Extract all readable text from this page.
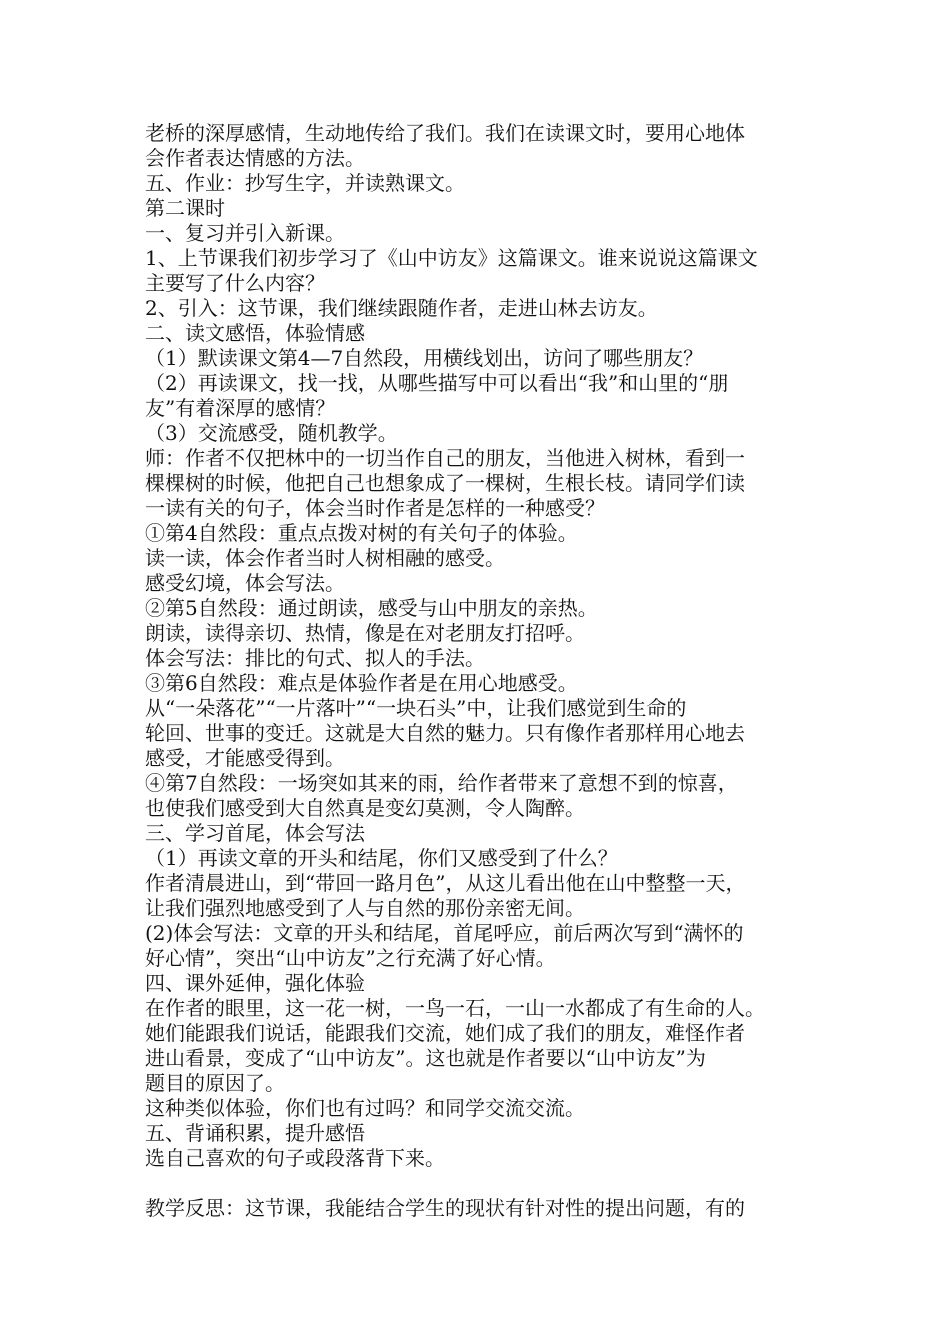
老桥的深厚感情，生动地传给了我们。我们在读课文时，要用心地体
会作者表达情感的方法。
五、作业：抄写生字，并读熟课文。
第二课时
一、复习并引入新课。
1、上节课我们初步学习了《山中访友》这篇课文。谁来说说这篇课文
主要写了什么内容？
2、引入：这节课，我们继续跟随作者，走进山林去访友。
二、读文感悟，体验情感
（1）默读课文第4—7自然段，用横线划出，访问了哪些朋友？
（2）再读课文，找一找，从哪些描写中可以看出“我”和山里的“朋
友”有着深厚的感情？
（3）交流感受，随机教学。
师：作者不仅把林中的一切当作自己的朋友，当他进入树林，看到一
棵棵树的时候，他把自己也想象成了一棵树，生根长枝。请同学们读
一读有关的句子，体会当时作者是怎样的一种感受？
①第4自然段：重点点拨对树的有关句子的体验。
读一读，体会作者当时人树相融的感受。
感受幻境，体会写法。
②第5自然段：通过朗读，感受与山中朋友的亲热。
朗读，读得亲切、热情，像是在对老朋友打招呼。
体会写法：排比的句式、拟人的手法。
③第6自然段：难点是体验作者是在用心地感受。
从“一朵落花”“一片落叶”“一块石头”中，让我们感觉到生命的
轮回、世事的变迁。这就是大自然的魅力。只有像作者那样用心地去
感受，才能感受得到。
④第7自然段：一场突如其来的雨，给作者带来了意想不到的惊喜，
也使我们感受到大自然真是变幻莫测，令人陶醉。
三、学习首尾，体会写法
（1）再读文章的开头和结尾，你们又感受到了什么？
作者清晨进山，到“带回一路月色”，从这儿看出他在山中整整一天，
让我们强烈地感受到了人与自然的那份亲密无间。
(2)体会写法：文章的开头和结尾，首尾呼应，前后两次写到“满怀的
好心情”，突出“山中访友”之行充满了好心情。
四、课外延伸，强化体验
在作者的眼里，这一花一树，一鸟一石，一山一水都成了有生命的人。
她们能跟我们说话，能跟我们交流，她们成了我们的朋友，难怪作者
进山看景，变成了“山中访友”。这也就是作者要以“山中访友”为
题目的原因了。
这种类似体验，你们也有过吗？和同学交流交流。
五、背诵积累，提升感悟
选自己喜欢的句子或段落背下来。
教学反思：这节课，我能结合学生的现状有针对性的提出问题，有的
